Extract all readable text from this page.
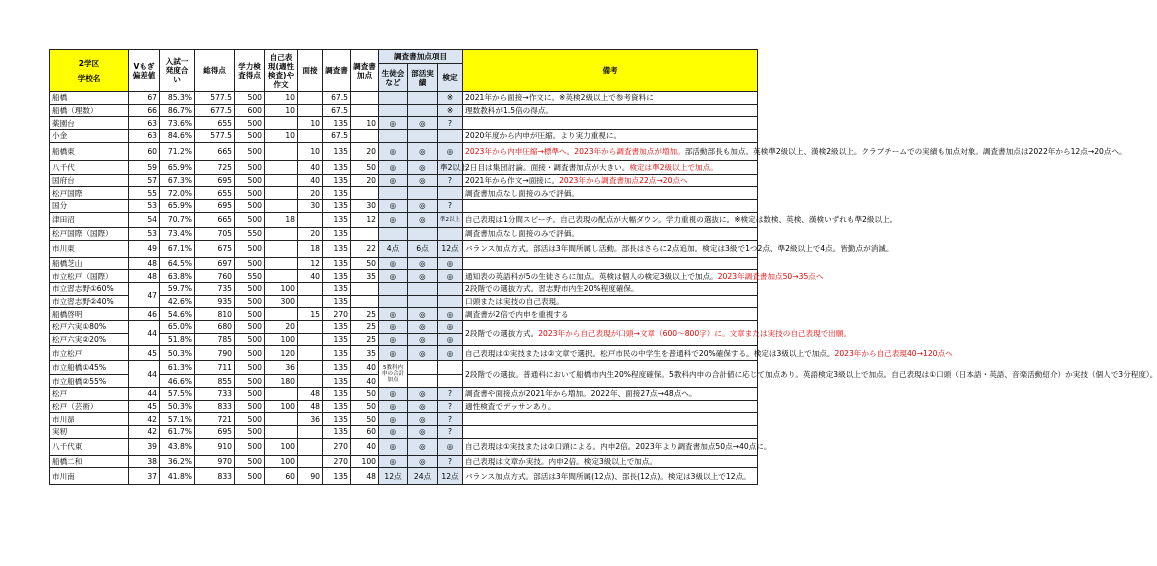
2学区
学校名	Vもぎ偏差値	入試一発度合い	総得点	学力検査得点	自己表現(適性検査)や作文	面接	調査書	調査書加点	調査書加点項目			備考
									生徒会など	部活実績	検定	
船橋	67	85.3%	577.5	500	10		67.5				※	2021年から面接→作文に。※英検2級以上で参考資料に
船橋（理数）	66	86.7%	677.5	600	10		67.5				※	理数教科が1.5倍の得点。
薬園台	63	73.6%	655	500		10	135	10	◎	◎	?	
小金	63	84.6%	577.5	500	10		67.5					2020年度から内申が圧縮。より実力重視に。
船橋東	60	71.2%	665	500		10	135	20	◎	◎	◎	2023年から内申圧縮→標準へ。2023年から調査書加点が増加。部活動部長も加点。英検準2級以上、漢検2級以上。クラブチームでの実績も加点対象。調査書加点は2022年から12点→20点へ。
八千代	59	65.9%	725	500		40	135	50	◎	◎	準2以上	2日目は集団討論。面接・調査書加点が大きい。検定は準2級以上で加点。
国府台	57	67.3%	695	500		40	135	20	◎	◎	?	2021年から作文→面接に。2023年から調査書加点22点→20点へ
松戸国際	55	72.0%	655	500		20	135					調査書加点なし面接のみで評価。
国分	53	65.9%	695	500		30	135	30	◎	◎	?	
津田沼	54	70.7%	665	500	18		135	12	◎	◎	準2以上	自己表現は1分間スピーチ。自己表現の配点が大幅ダウン。学力重視の選抜に。※検定は数検、英検、漢検いずれも準2級以上。
松戸国際（国際）	53	73.4%	705	550		20	135					調査書加点なし面接のみで評価。
市川東	49	67.1%	675	500		18	135	22	4点	6点	12点	バランス加点方式。部活は3年間所属し活動。部長はさらに2点追加。検定は3級で1つ2点、準2級以上で4点。皆勤点が消滅。
船橋芝山	48	64.5%	697	500		12	135	50	◎	◎	◎	
市立松戸（国際）	48	63.8%	760	550		40	135	35	◎	◎	◎	通知表の英語科が5の生徒さらに加点。英検は個人の検定3級以上で加点。2023年調査書加点50→35点へ
市立習志野①60%	47	59.7%	735	500	100		135					2段階での選抜方式。習志野市内生20%程度確保。
市立習志野②40%		42.6%	935	500	300		135					口頭または実技の自己表現。
船橋啓明	46	54.6%	810	500		15	270	25	◎	◎	◎	調査書が2倍で内申を重視する
松戸六実①80%	44	65.0%	680	500	20		135	25	◎	◎	◎	2段階での選抜方式。2023年から自己表現が口頭→文章（600～800字）に。文章または実技の自己表現で出願。
松戸六実②20%		51.8%	785	500	100		135	25	◎	◎	◎	
市立松戸	45	50.3%	790	500	120		135	35	◎	◎	◎	自己表現は①実技または②文章で選択。松戸市民の中学生を普通科で20%確保する。検定は3級以上で加点。2023年から自己表現40→120点へ
市立船橋①45%	44	61.3%	711	500	36		135	40	5教科内申の合計加点			2段階での選抜。普通科において船橋市内生20%程度確保。5教科内申の合計値に応じて加点あり。英語検定3級以上で加点。自己表現は①口頭（日本語・英語、音楽活動紹介）か実技（個人で3分程度）。
市立船橋②55%		46.6%	855	500	180		135	40				
松戸	44	57.5%	733	500		48	135	50	◎	◎	?	調査書や面接点が2021年から増加。2022年、面接27点→48点へ。
松戸（芸術）	45	50.3%	833	500	100	48	135	50	◎	◎	?	適性検査でデッサンあり。
市川昴	42	57.1%	721	500		36	135	50	◎	◎	?	
実籾	42	61.7%	695	500			135	60	◎	◎	?	
八千代東	39	43.8%	910	500	100		270	40	◎	◎	◎	自己表現は①実技または②口頭による。内申2倍。2023年より調査書加点50点→40点に。
船橋二和	38	36.2%	970	500	100		270	100	◎	◎	?	自己表現は文章か実技。内申2倍。検定3級以上で加点。
市川南	37	41.8%	833	500	60	90	135	48	12点	24点	12点	バランス加点方式。部活は3年間所属(12点)、部長(12点)。検定は3級以上で12点。
